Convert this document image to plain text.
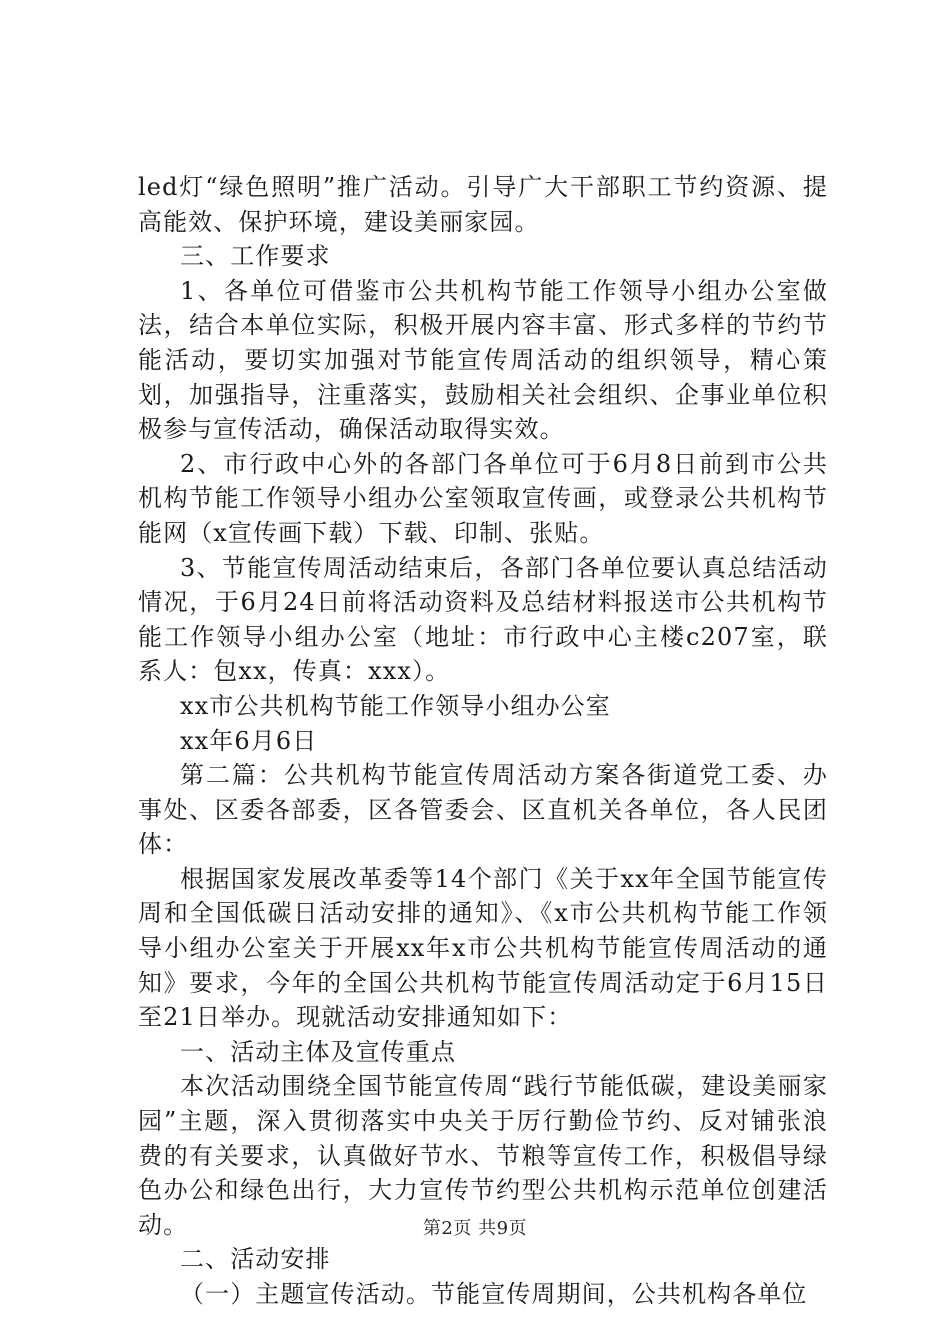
led灯“绿色照明”推广活动。引导广大干部职工节约资源、提高能效、保护环境，建设美丽家园。

三、工作要求

1、各单位可借鉴市公共机构节能工作领导小组办公室做法，结合本单位实际，积极开展内容丰富、形式多样的节约节能活动，要切实加强对节能宣传周活动的组织领导，精心策划，加强指导，注重落实，鼓励相关社会组织、企事业单位积极参与宣传活动，确保活动取得实效。

2、市行政中心外的各部门各单位可于6月8日前到市公共机构节能工作领导小组办公室领取宣传画，或登录公共机构节能网（x宣传画下载）下载、印制、张贴。

3、节能宣传周活动结束后，各部门各单位要认真总结活动情况，于6月24日前将活动资料及总结材料报送市公共机构节能工作领导小组办公室（地址：市行政中心主楼c207室，联系人：包xx，传真：xxx）。

xx市公共机构节能工作领导小组办公室

xx年6月6日

第二篇：公共机构节能宣传周活动方案各街道党工委、办事处、区委各部委，区各管委会、区直机关各单位，各人民团体：

根据国家发展改革委等14个部门《关于xx年全国节能宣传周和全国低碳日活动安排的通知》、《x市公共机构节能工作领导小组办公室关于开展xx年x市公共机构节能宣传周活动的通知》要求，今年的全国公共机构节能宣传周活动定于6月15日至21日举办。现就活动安排通知如下：

一、活动主体及宣传重点

本次活动围绕全国节能宣传周“践行节能低碳，建设美丽家园”主题，深入贯彻落实中央关于厉行勤俭节约、反对铺张浪费的有关要求，认真做好节水、节粮等宣传工作，积极倡导绿色办公和绿色出行，大力宣传节约型公共机构示范单位创建活动。

二、活动安排

（一）主题宣传活动。节能宣传周期间，公共机构各单位

第2页 共9页
